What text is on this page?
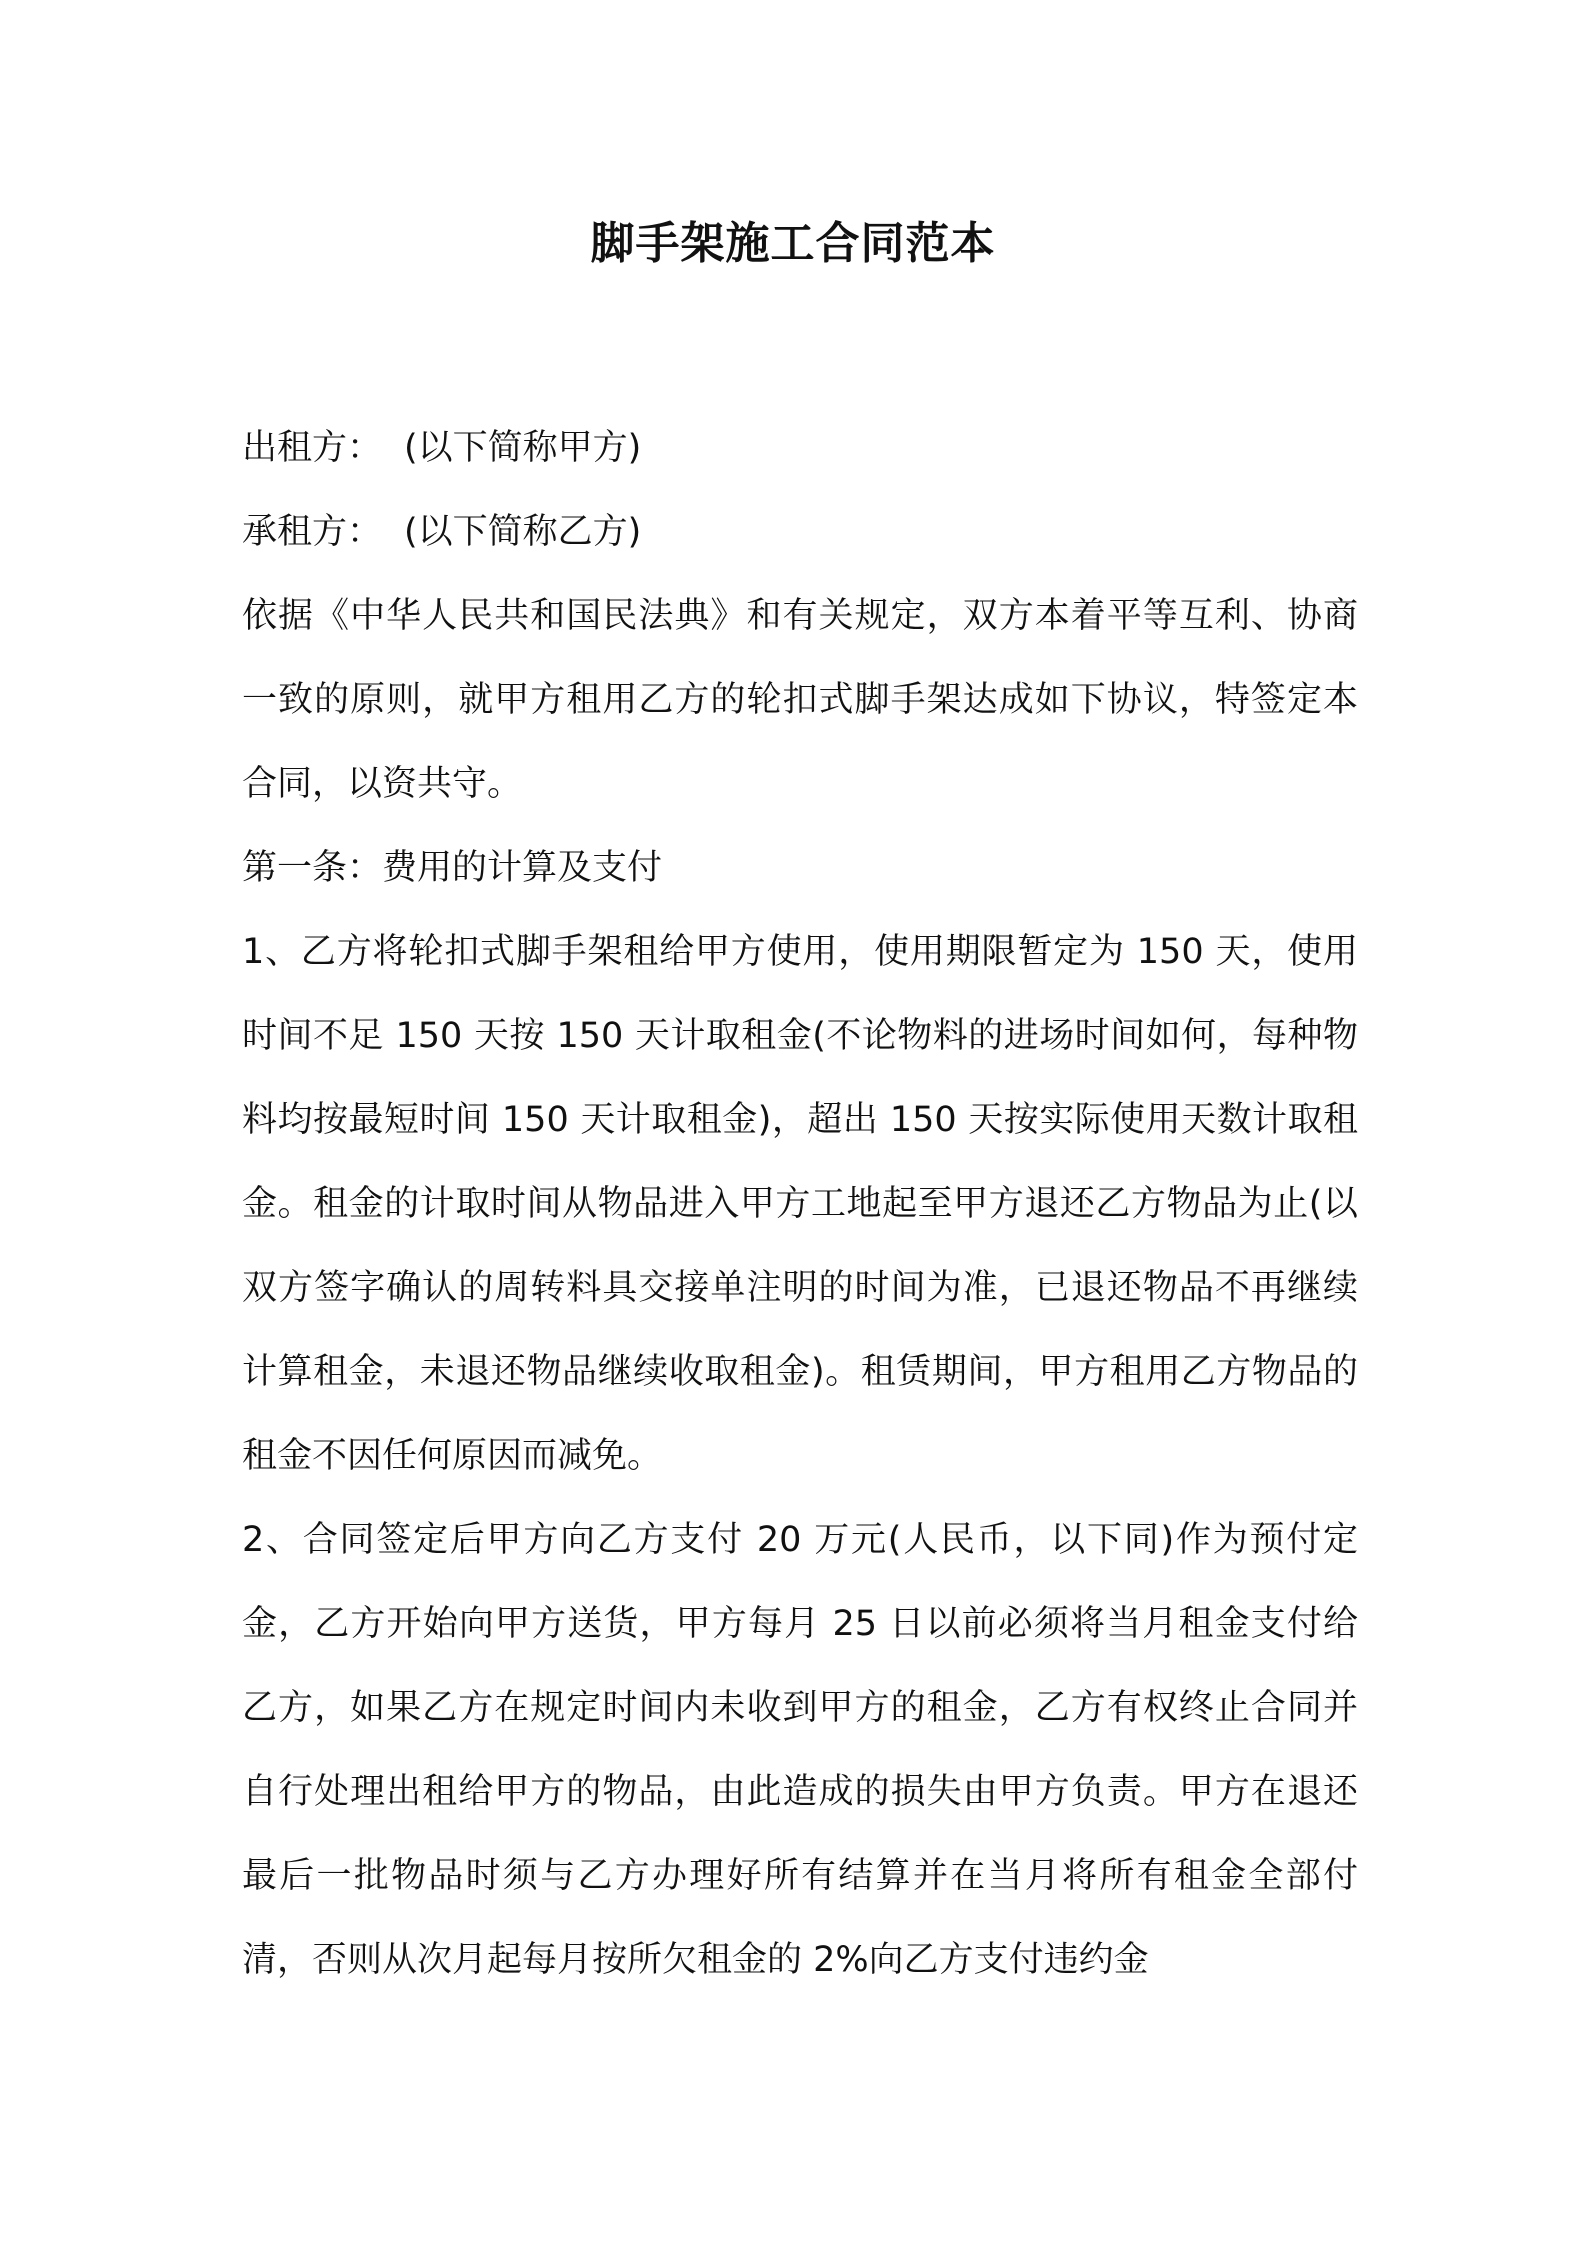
脚手架施工合同范本

出租方： (以下简称甲方)

承租方： (以下简称乙方)

依据《中华人民共和国民法典》和有关规定，双方本着平等互利、协商一致的原则，就甲方租用乙方的轮扣式脚手架达成如下协议，特签定本合同，以资共守。

第一条：费用的计算及支付

1、乙方将轮扣式脚手架租给甲方使用，使用期限暂定为 150 天，使用时间不足 150 天按 150 天计取租金(不论物料的进场时间如何，每种物料均按最短时间 150 天计取租金)，超出 150 天按实际使用天数计取租金。租金的计取时间从物品进入甲方工地起至甲方退还乙方物品为止(以双方签字确认的周转料具交接单注明的时间为准，已退还物品不再继续计算租金，未退还物品继续收取租金)。租赁期间，甲方租用乙方物品的租金不因任何原因而减免。

2、合同签定后甲方向乙方支付 20 万元(人民币，以下同)作为预付定金，乙方开始向甲方送货，甲方每月 25 日以前必须将当月租金支付给乙方，如果乙方在规定时间内未收到甲方的租金，乙方有权终止合同并自行处理出租给甲方的物品，由此造成的损失由甲方负责。甲方在退还最后一批物品时须与乙方办理好所有结算并在当月将所有租金全部付清，否则从次月起每月按所欠租金的 2%向乙方支付违约金
